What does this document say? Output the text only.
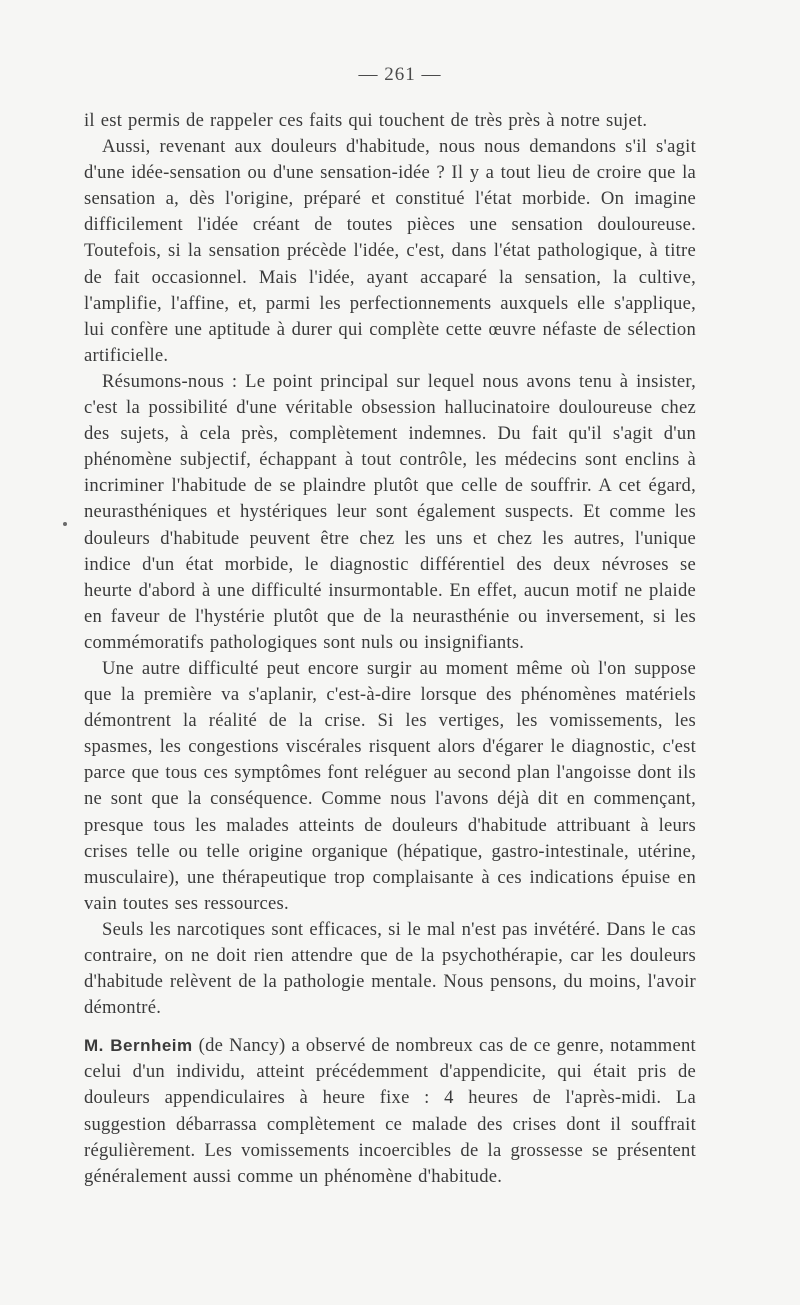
— 261 —

il est permis de rappeler ces faits qui touchent de très près à notre sujet.

Aussi, revenant aux douleurs d'habitude, nous nous demandons s'il s'agit d'une idée-sensation ou d'une sensation-idée ? Il y a tout lieu de croire que la sensation a, dès l'origine, préparé et constitué l'état morbide. On imagine difficilement l'idée créant de toutes pièces une sensation douloureuse. Toutefois, si la sensation précède l'idée, c'est, dans l'état pathologique, à titre de fait occasionnel. Mais l'idée, ayant accaparé la sensation, la cultive, l'amplifie, l'affine, et, parmi les perfectionnements auxquels elle s'applique, lui confère une aptitude à durer qui complète cette œuvre néfaste de sélection artificielle.

Résumons-nous : Le point principal sur lequel nous avons tenu à insister, c'est la possibilité d'une véritable obsession hallucinatoire douloureuse chez des sujets, à cela près, complètement indemnes. Du fait qu'il s'agit d'un phénomène subjectif, échappant à tout contrôle, les médecins sont enclins à incriminer l'habitude de se plaindre plutôt que celle de souffrir. A cet égard, neurasthéniques et hystériques leur sont également suspects. Et comme les douleurs d'habitude peuvent être chez les uns et chez les autres, l'unique indice d'un état morbide, le diagnostic différentiel des deux névroses se heurte d'abord à une difficulté insurmontable. En effet, aucun motif ne plaide en faveur de l'hystérie plutôt que de la neurasthénie ou inversement, si les commémoratifs pathologiques sont nuls ou insignifiants.

Une autre difficulté peut encore surgir au moment même où l'on suppose que la première va s'aplanir, c'est-à-dire lorsque des phénomènes matériels démontrent la réalité de la crise. Si les vertiges, les vomissements, les spasmes, les congestions viscérales risquent alors d'égarer le diagnostic, c'est parce que tous ces symptômes font reléguer au second plan l'angoisse dont ils ne sont que la conséquence. Comme nous l'avons déjà dit en commençant, presque tous les malades atteints de douleurs d'habitude attribuant à leurs crises telle ou telle origine organique (hépatique, gastro-intestinale, utérine, musculaire), une thérapeutique trop complaisante à ces indications épuise en vain toutes ses ressources.

Seuls les narcotiques sont efficaces, si le mal n'est pas invétéré. Dans le cas contraire, on ne doit rien attendre que de la psychothérapie, car les douleurs d'habitude relèvent de la pathologie mentale. Nous pensons, du moins, l'avoir démontré.

M. Bernheim (de Nancy) a observé de nombreux cas de ce genre, notamment celui d'un individu, atteint précédemment d'appendicite, qui était pris de douleurs appendiculaires à heure fixe : 4 heures de l'après-midi. La suggestion débarrassa complètement ce malade des crises dont il souffrait régulièrement. Les vomissements incoercibles de la grossesse se présentent généralement aussi comme un phénomène d'habitude.
